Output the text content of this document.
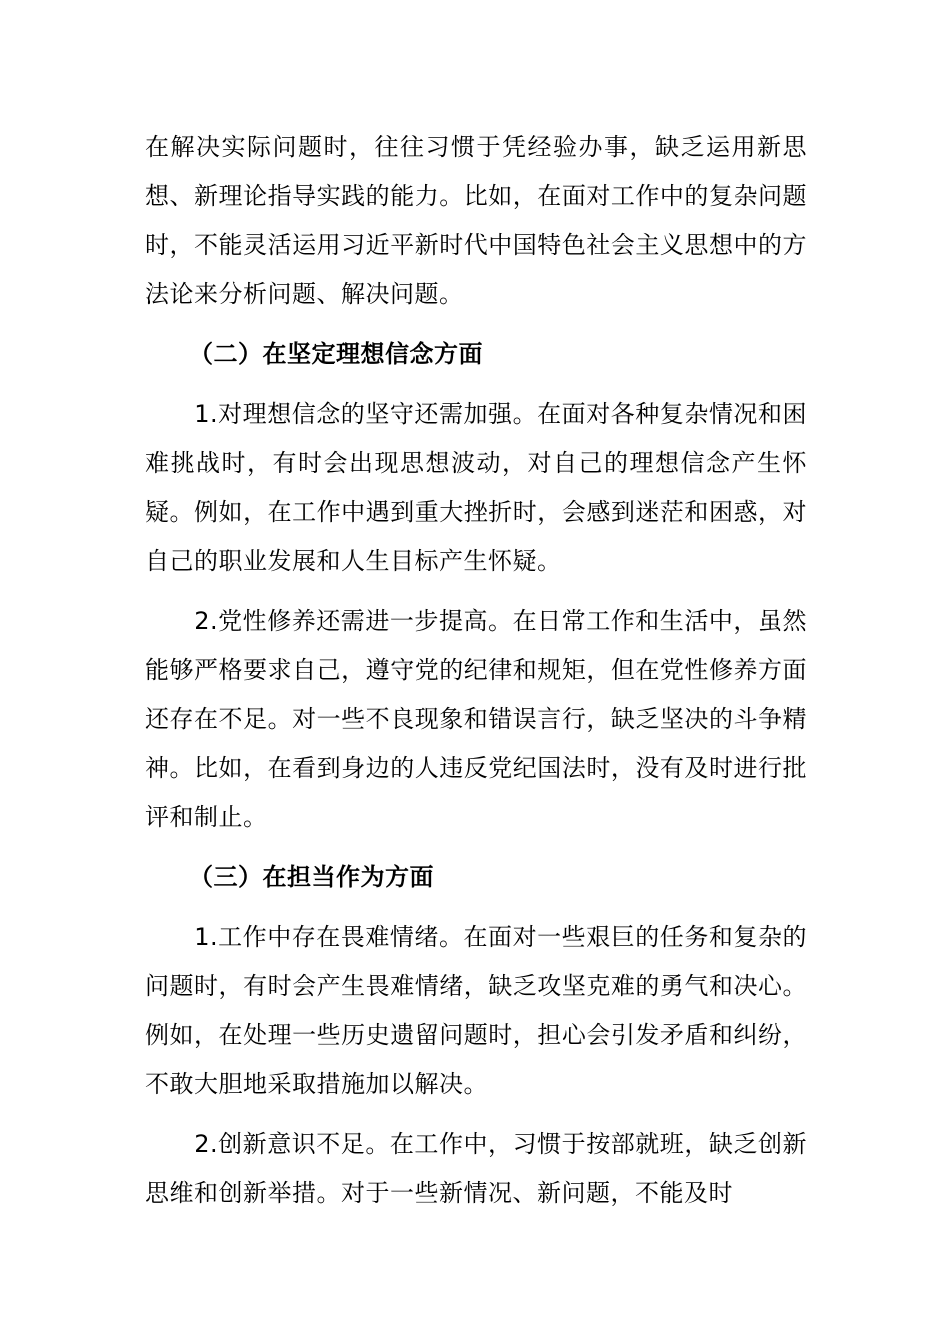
在解决实际问题时，往往习惯于凭经验办事，缺乏运用新思想、新理论指导实践的能力。比如，在面对工作中的复杂问题时，不能灵活运用习近平新时代中国特色社会主义思想中的方法论来分析问题、解决问题。

（二）在坚定理想信念方面

1.对理想信念的坚守还需加强。在面对各种复杂情况和困难挑战时，有时会出现思想波动，对自己的理想信念产生怀疑。例如，在工作中遇到重大挫折时，会感到迷茫和困惑，对自己的职业发展和人生目标产生怀疑。

2.党性修养还需进一步提高。在日常工作和生活中，虽然能够严格要求自己，遵守党的纪律和规矩，但在党性修养方面还存在不足。对一些不良现象和错误言行，缺乏坚决的斗争精神。比如，在看到身边的人违反党纪国法时，没有及时进行批评和制止。

（三）在担当作为方面

1.工作中存在畏难情绪。在面对一些艰巨的任务和复杂的问题时，有时会产生畏难情绪，缺乏攻坚克难的勇气和决心。例如，在处理一些历史遗留问题时，担心会引发矛盾和纠纷，不敢大胆地采取措施加以解决。

2.创新意识不足。在工作中，习惯于按部就班，缺乏创新思维和创新举措。对于一些新情况、新问题，不能及时
